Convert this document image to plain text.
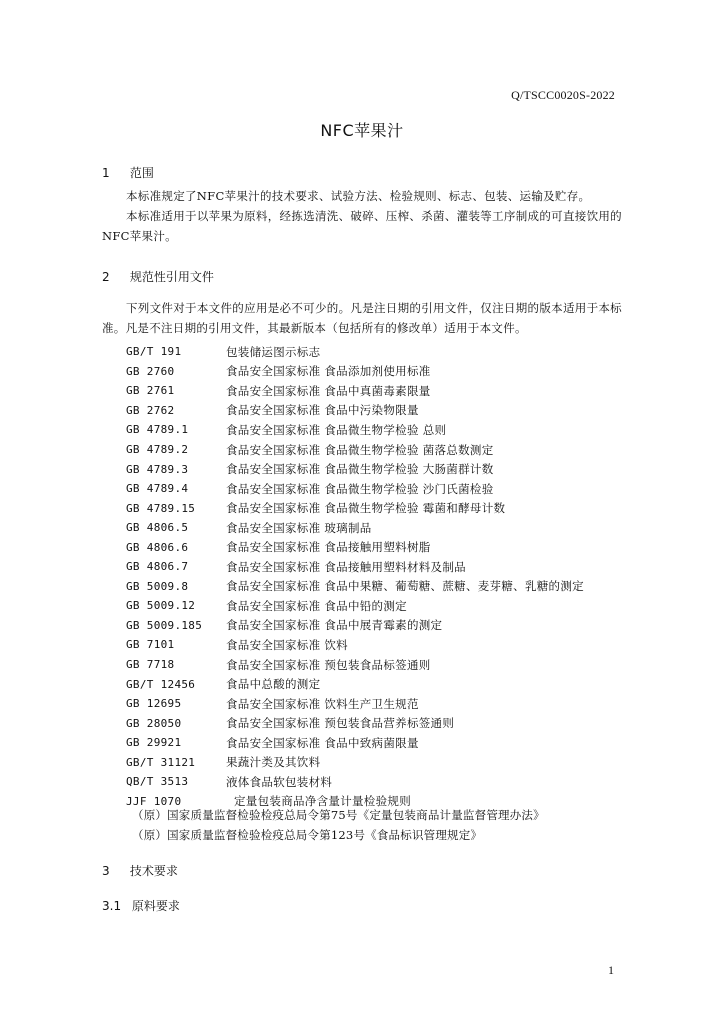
Q/TSCC0020S-2022
NFC苹果汁
1 范围
本标准规定了NFC苹果汁的技术要求、试验方法、检验规则、标志、包装、运输及贮存。
本标准适用于以苹果为原料，经拣选清洗、破碎、压榨、杀菌、灌装等工序制成的可直接饮用的NFC苹果汁。
2 规范性引用文件
下列文件对于本文件的应用是必不可少的。凡是注日期的引用文件，仅注日期的版本适用于本标准。凡是不注日期的引用文件，其最新版本（包括所有的修改单）适用于本文件。
GB/T 191	包装储运图示标志
GB 2760	食品安全国家标准 食品添加剂使用标准
GB 2761	食品安全国家标准 食品中真菌毒素限量
GB 2762	食品安全国家标准 食品中污染物限量
GB 4789.1	食品安全国家标准 食品微生物学检验 总则
GB 4789.2	食品安全国家标准 食品微生物学检验 菌落总数测定
GB 4789.3	食品安全国家标准 食品微生物学检验 大肠菌群计数
GB 4789.4	食品安全国家标准 食品微生物学检验 沙门氏菌检验
GB 4789.15	食品安全国家标准 食品微生物学检验 霉菌和酵母计数
GB 4806.5	食品安全国家标准 玻璃制品
GB 4806.6	食品安全国家标准 食品接触用塑料树脂
GB 4806.7	食品安全国家标准 食品接触用塑料材料及制品
GB 5009.8	食品安全国家标准 食品中果糖、葡萄糖、蔗糖、麦芽糖、乳糖的测定
GB 5009.12	食品安全国家标准 食品中铅的测定
GB 5009.185	食品安全国家标准 食品中展青霉素的测定
GB 7101	食品安全国家标准 饮料
GB 7718	食品安全国家标准 预包装食品标签通则
GB/T 12456	食品中总酸的测定
GB 12695	食品安全国家标准 饮料生产卫生规范
GB 28050	食品安全国家标准 预包装食品营养标签通则
GB 29921	食品安全国家标准 食品中致病菌限量
GB/T 31121	果蔬汁类及其饮料
QB/T 3513	液体食品软包装材料
JJF 1070	定量包装商品净含量计量检验规则
（原）国家质量监督检验检疫总局令第75号《定量包装商品计量监督管理办法》
（原）国家质量监督检验检疫总局令第123号《食品标识管理规定》
3 技术要求
3.1 原料要求
1
